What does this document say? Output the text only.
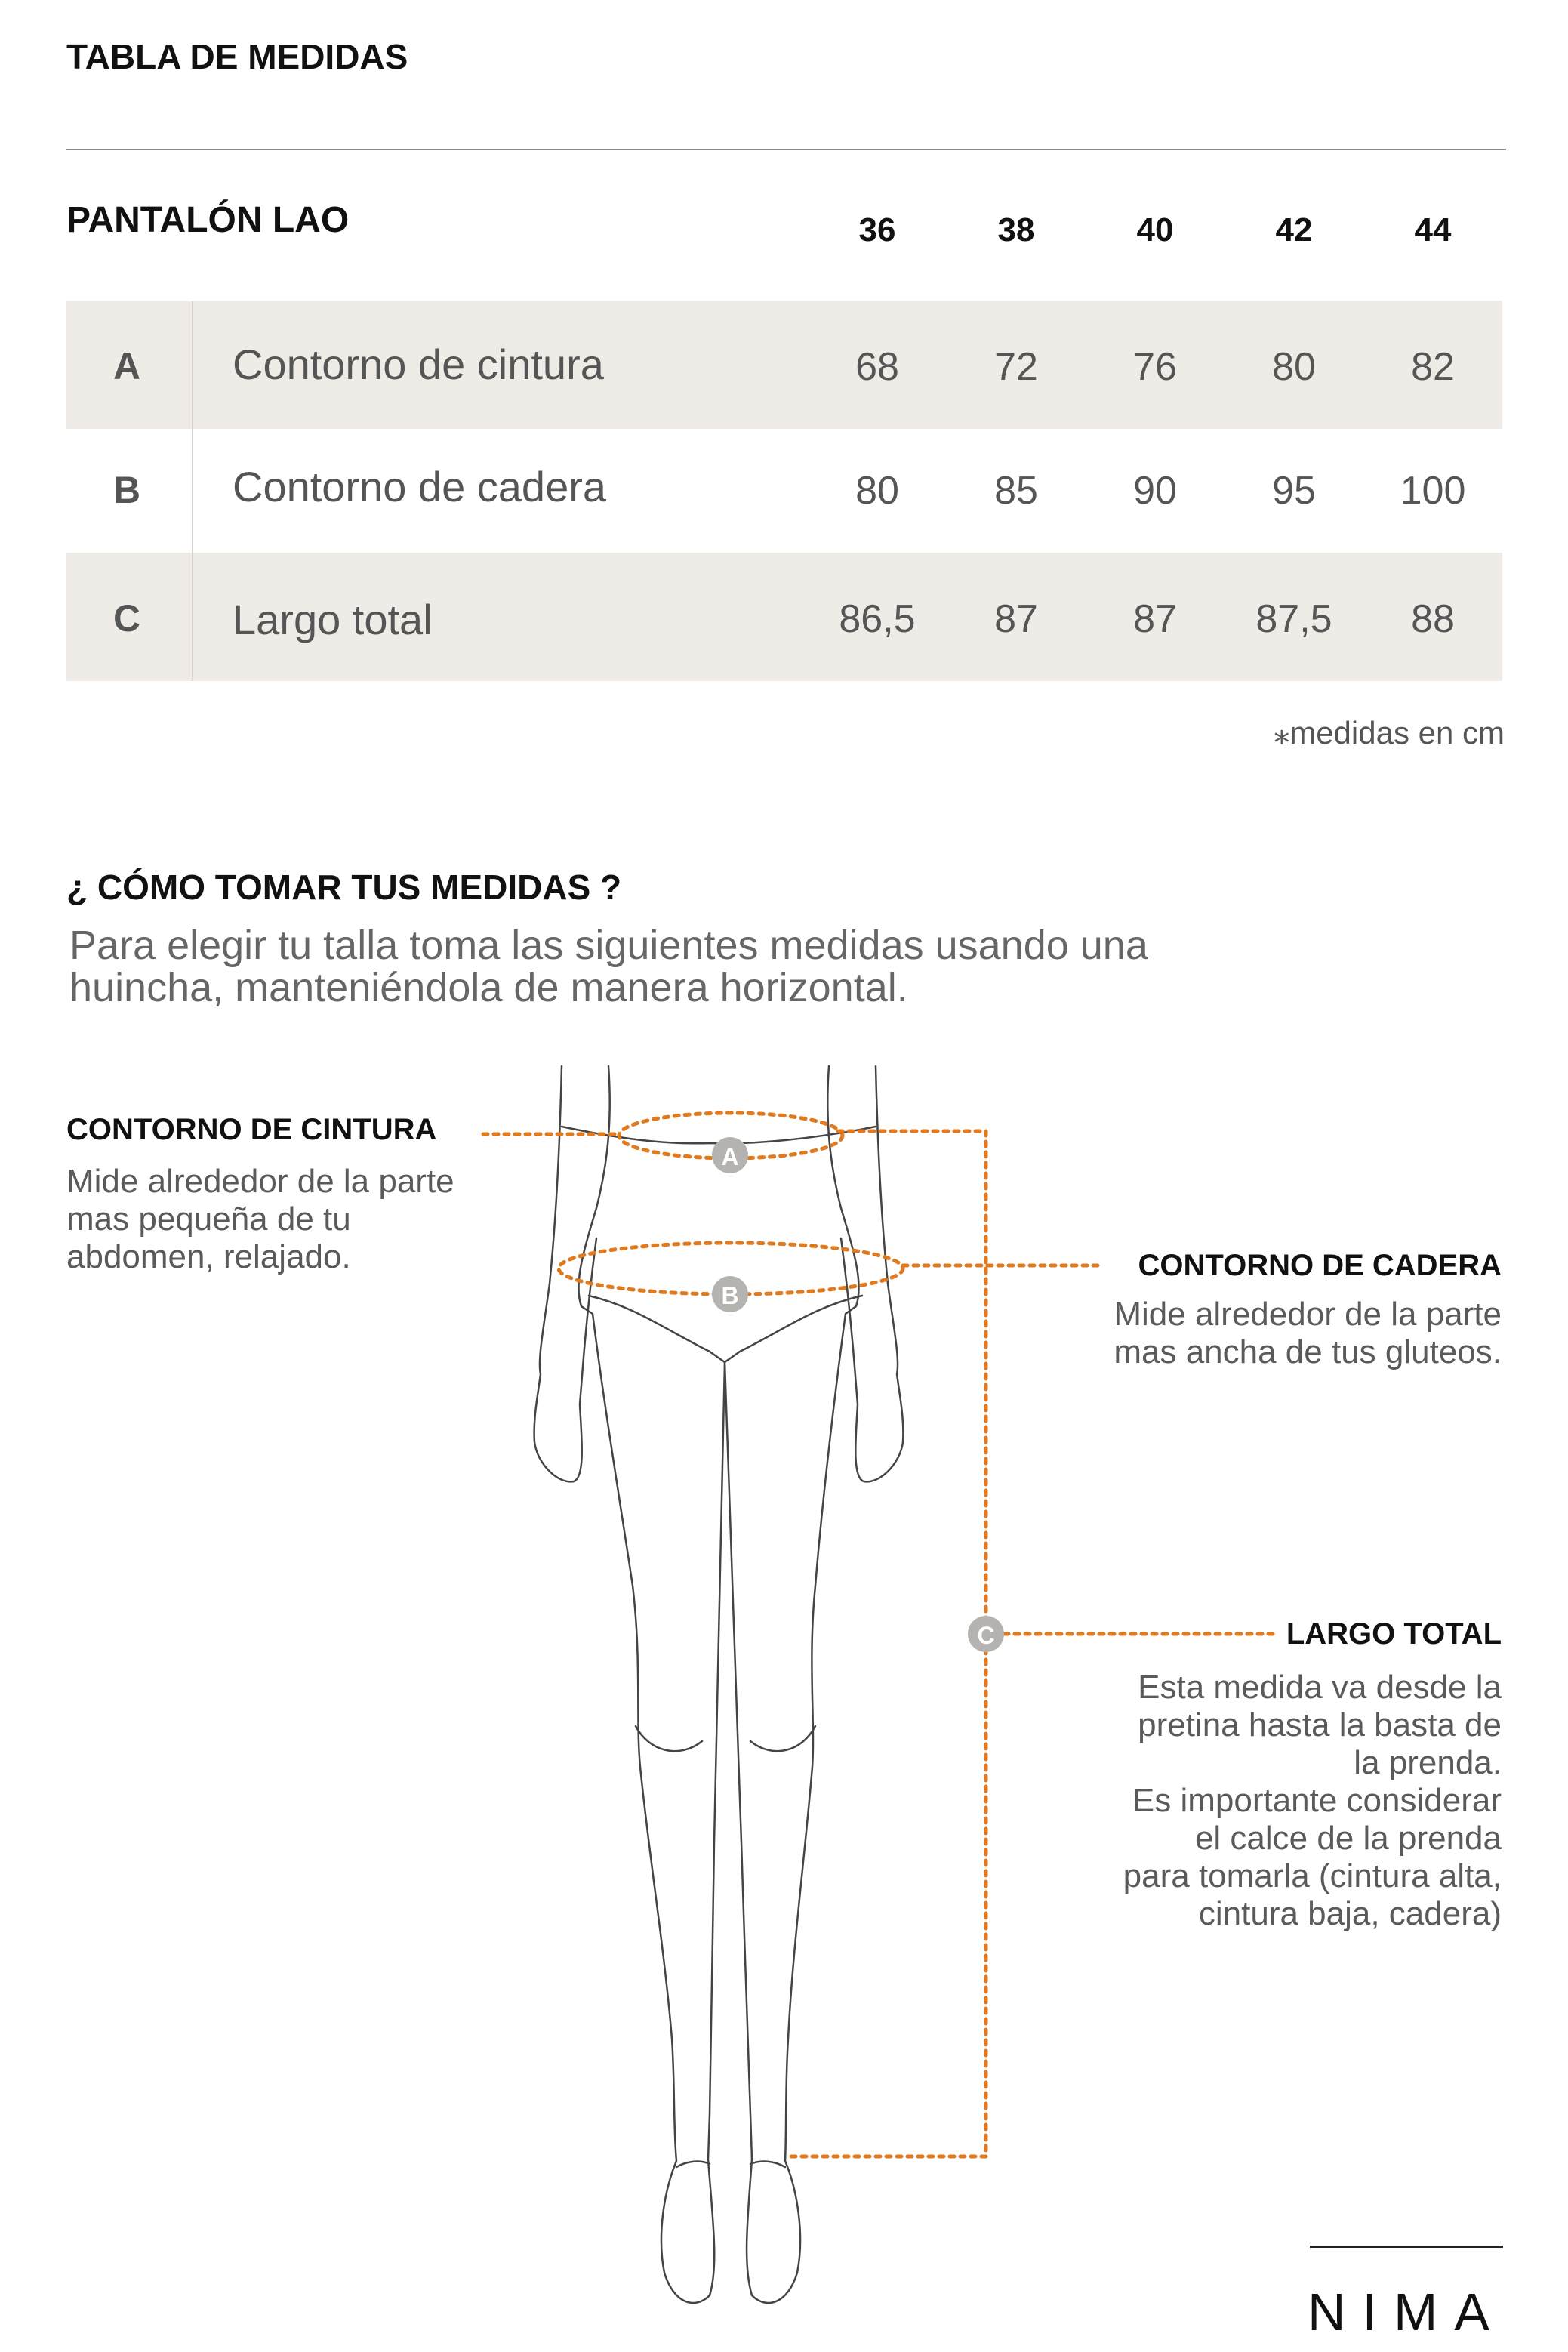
TABLA DE MEDIDAS
PANTALÓN LAO	36	38	40	42	44
A	Contorno de cintura	68	72	76	80	82
B	Contorno de cadera	80	85	90	95	100
C	Largo total	86,5	87	87	87,5	88
⁎medidas en cm
¿ CÓMO TOMAR TUS MEDIDAS ?
Para elegir tu talla toma las siguientes medidas usando una huincha, manteniéndola de manera horizontal.
A
B
C
CONTORNO DE CINTURA
Mide alrededor de la parte
mas pequeña de tu
abdomen, relajado.	CONTORNO DE CADERA
Mide alrededor de la parte
mas ancha de tus gluteos.
LARGO TOTAL
Esta medida va desde la
pretina hasta la basta de
la prenda.
Es importante considerar
el calce de la prenda
para tomarla (cintura alta,
cintura baja, cadera)
NIMA
